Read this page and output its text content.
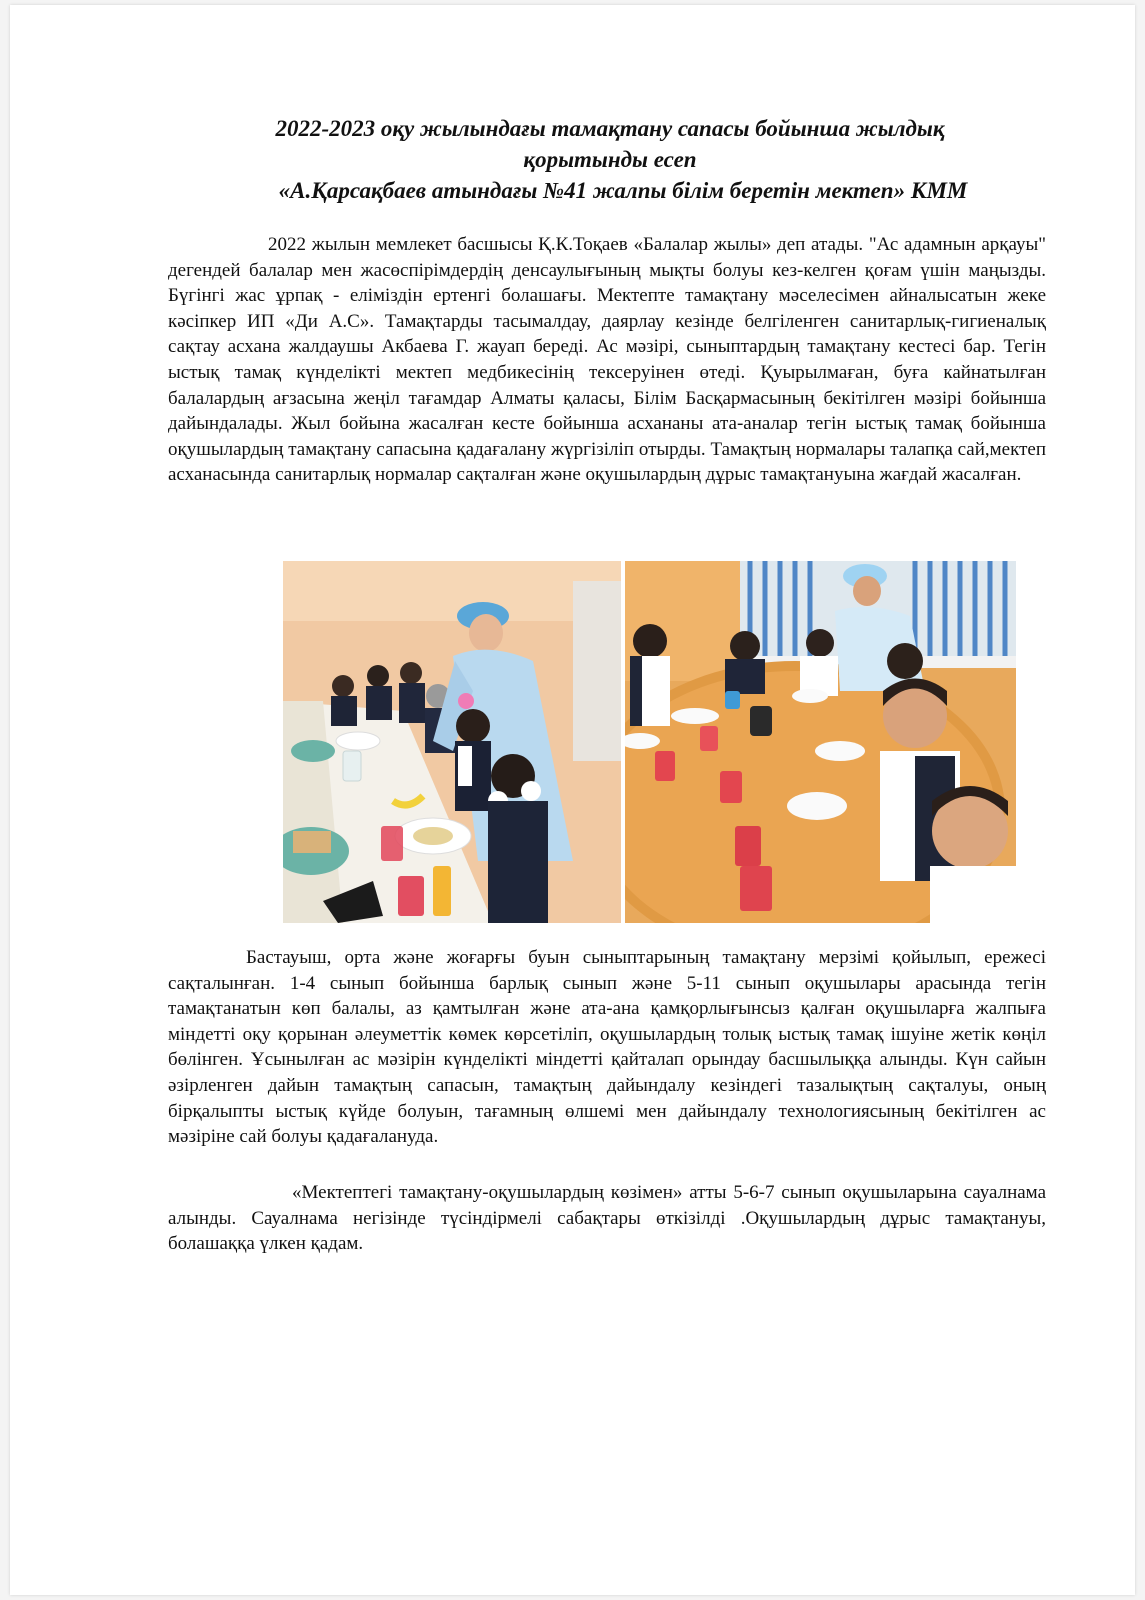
2022-2023 оқу жылындағы тамақтану сапасы бойынша жылдық
қорытынды есеп
«А.Қарсақбаев атындағы №41 жалпы білім беретін мектеп» КММ

2022 жылын мемлекет басшысы Қ.К.Тоқаев «Балалар жылы» деп атады. "Ас адамнын арқауы" дегендей балалар мен жасөспірімдердің денсаулығының мықты болуы кез-келген қоғам үшін маңызды. Бүгінгі жас ұрпақ - еліміздін ертенгі болашағы. Мектепте тамақтану мәселесімен айналысатын жеке кәсіпкер ИП «Ди А.С». Тамақтарды тасымалдау, даярлау кезінде белгіленген санитарлық-гигиеналық сақтау асхана жалдаушы Акбаева Г. жауап береді. Ас мәзірі, сыныптардың тамақтану кестесі бар. Тегін ыстық тамақ күнделікті мектеп медбикесінің тексеруінен өтеді. Қуырылмаған, буға кайнатылған балалардың ағзасына жеңіл тағамдар Алматы қаласы, Білім Басқармасының бекітілген мәзірі бойынша дайындалады. Жыл бойына жасалған кесте бойынша асхананы ата-аналар тегін ыстық тамақ бойынша оқушылардың тамақтану сапасына қадағалану жүргізіліп отырды. Тамақтың нормалары талапқа сай,мектеп асханасында санитарлық нормалар сақталған және оқушылардың дұрыс тамақтануына жағдай жасалған.

Бастауыш, орта және жоғарғы буын сыныптарының тамақтану мерзімі қойылып, ережесі сақталынған. 1-4 сынып бойынша барлық сынып және 5-11 сынып оқушылары арасында тегін тамақтанатын көп балалы, аз қамтылған және ата-ана қамқорлығынсыз қалған оқушыларға жалпыға міндетті оқу қорынан әлеуметтік көмек көрсетіліп, оқушылардың толық ыстық тамақ ішуіне жетік көңіл бөлінген. Ұсынылған ас мәзірін күнделікті міндетті қайталап орындау басшылыққа алынды. Күн сайын әзірленген дайын тамақтың сапасын, тамақтың дайындалу кезіндегі тазалықтың сақталуы, оның бірқалыпты ыстық күйде болуын, тағамның өлшемі мен дайындалу технологиясының бекітілген ас мәзіріне сай болуы қадағалануда.

«Мектептегі тамақтану-оқушылардың көзімен» атты 5-6-7 сынып оқушыларына сауалнама алынды. Сауалнама негізінде түсіндірмелі сабақтары өткізілді .Оқушылардың дұрыс тамақтануы, болашаққа үлкен қадам.
